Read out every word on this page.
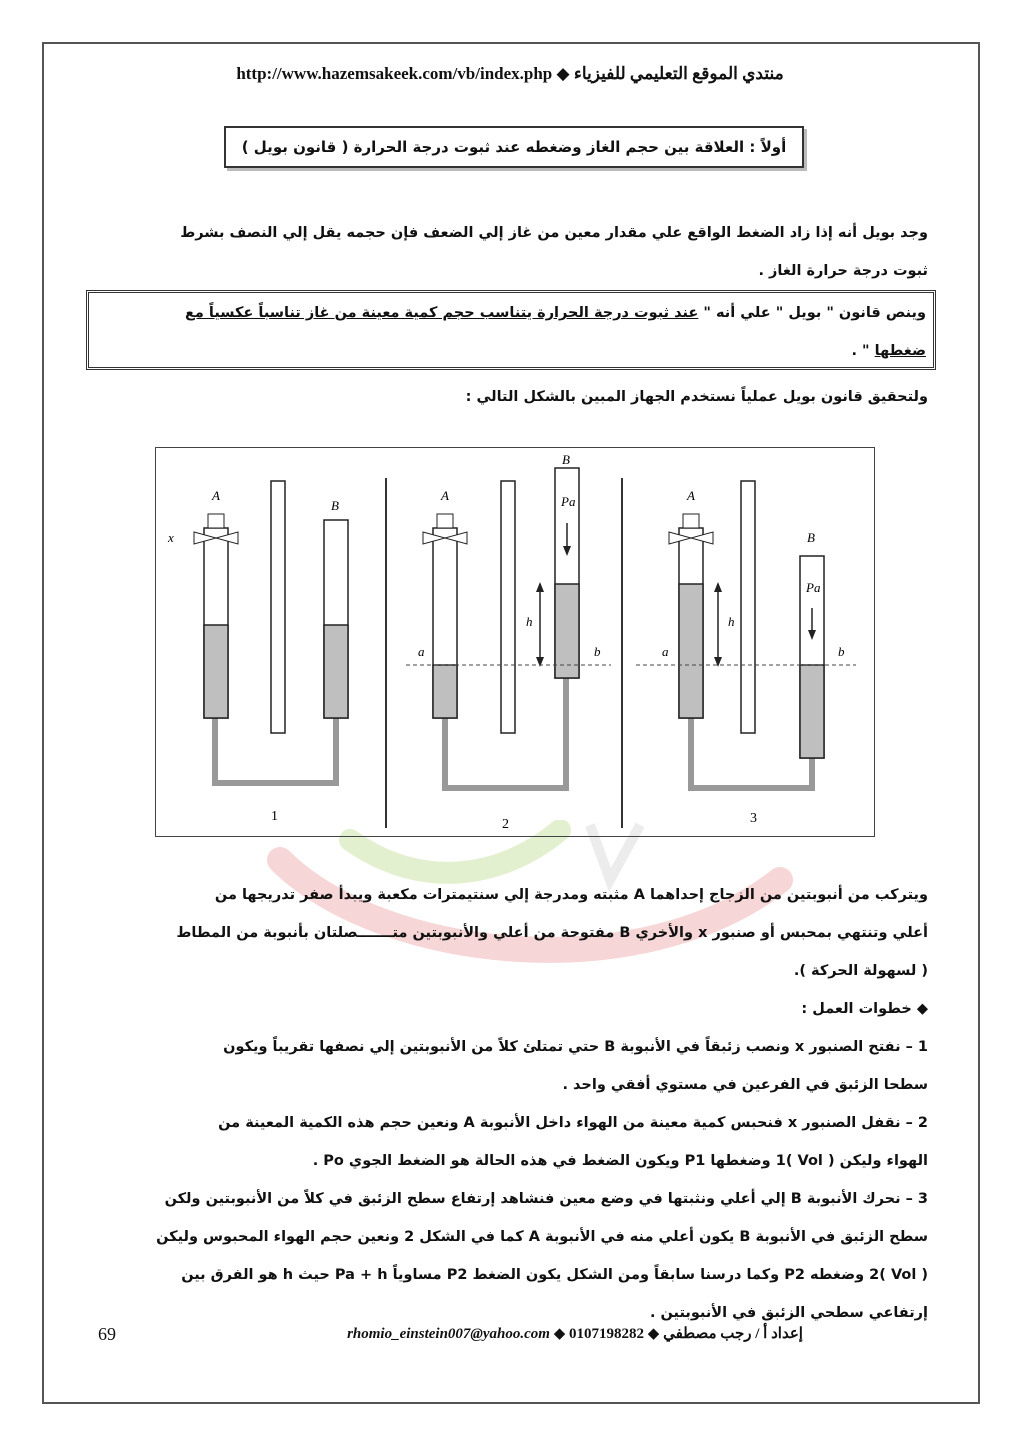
http://www.hazemsakeek.com/vb/index.php ◆ منتدي الموقع التعليمي للفيزياء
أولاً : العلاقة بين حجم الغاز وضغطه عند ثبوت درجة الحرارة ( قانون بويل )
وجد بويل أنه إذا زاد الضغط الواقع علي مقدار معين من غاز إلي الضعف فإن حجمه يقل إلي النصف بشرط
ثبوت درجة حرارة الغاز .
وينص قانون " بويل " علي أنه " عند ثبوت درجة الحرارة يتناسب حجم كمية معينة من غاز تناسباً عكسياً مع
ضغطها " .
ولتحقيق قانون بويل عملياً نستخدم الجهاز المبين بالشكل التالي :
A
x
B
1
A
B
Pa
h
a	b
2
A
B
Pa
h
a	b
3
ويتركب من أنبوبتين من الزجاج إحداهما A مثبته ومدرجة إلي سنتيمترات مكعبة ويبدأ صفر تدريجها من
أعلي وتنتهي بمحبس أو صنبور x والأخري B مفتوحة من أعلي والأنبوبتين متـــــــصلتان بأنبوبة من المطاط
( لسهولة الحركة ).
◆ خطوات العمل :
1 – نفتح الصنبور x ونصب زئبقاً في الأنبوبة B حتي تمتلئ كلاً من الأنبوبتين إلي نصفها تقريباً ويكون
سطحا الزئبق في الفرعين في مستوي أفقي واحد .
2 – نقفل الصنبور x فنحبس كمية معينة من الهواء داخل الأنبوبة A ونعين حجم هذه الكمية المعينة من
الهواء وليكن ( Vol )1 وضغطها P1 ويكون الضغط في هذه الحالة هو الضغط الجوي Po .
3 – نحرك الأنبوبة B إلي أعلي ونثبتها في وضع معين فنشاهد إرتفاع سطح الزئبق في كلاً من الأنبوبتين ولكن
سطح الزئبق في الأنبوبة B يكون أعلي منه في الأنبوبة A كما في الشكل 2 ونعين حجم الهواء المحبوس وليكن
( Vol )2 وضغطه P2 وكما درسنا سابقاً ومن الشكل يكون الضغط P2 مساوياً Pa + h حيث h هو الفرق بين
إرتفاعي سطحي الزئبق في الأنبوبتين .
69	rhomio_einstein007@yahoo.com ◆ 0107198282 ◆ إعداد أ / رجب مصطفي
